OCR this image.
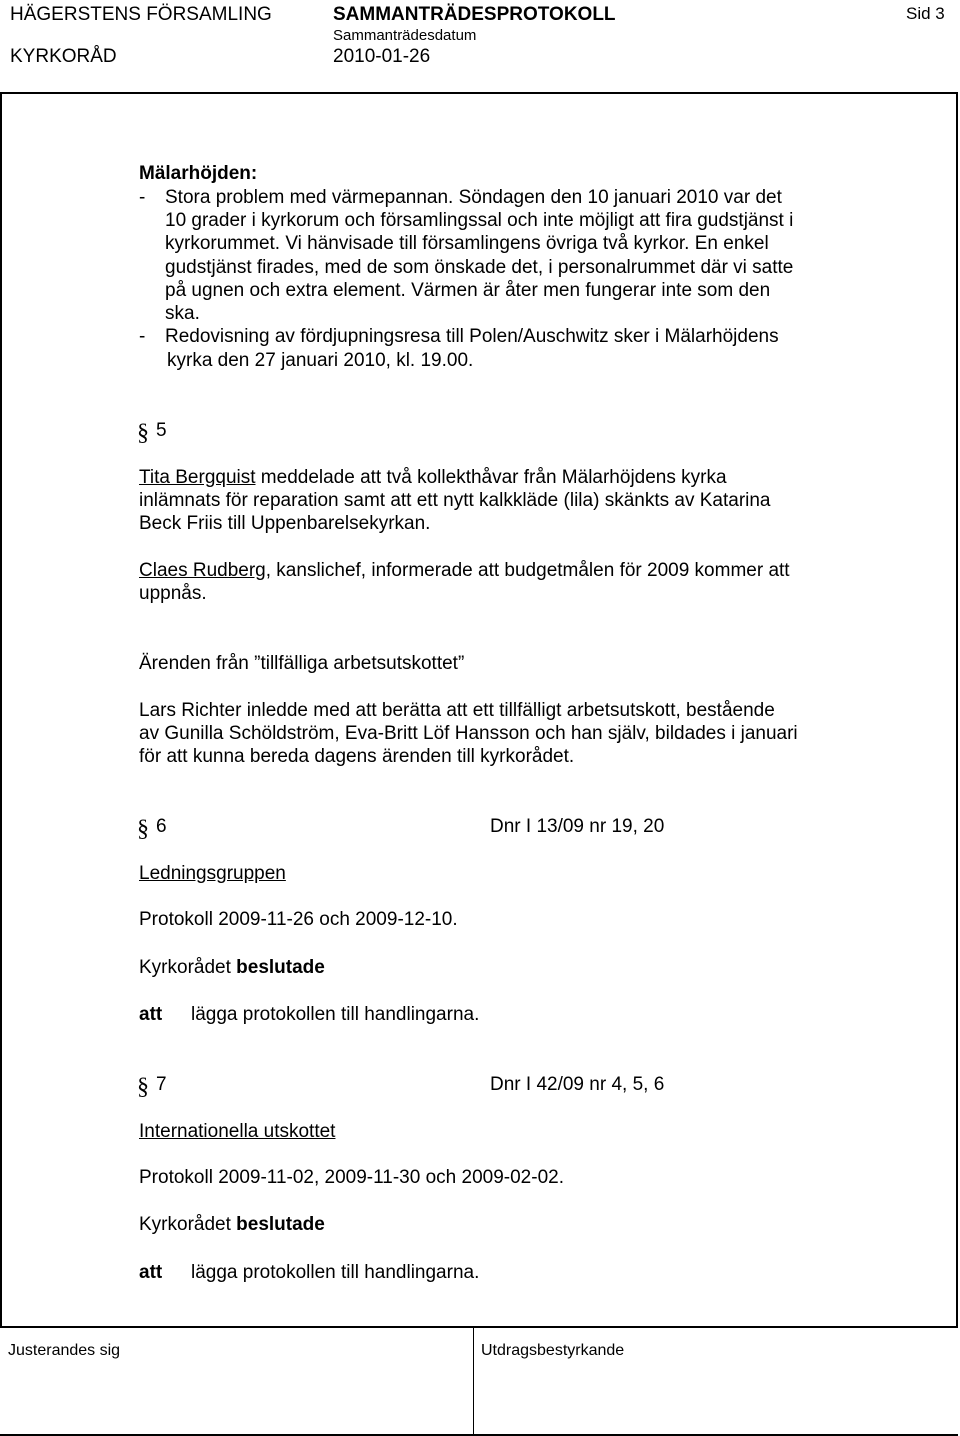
HÄGERSTENS FÖRSAMLING	SAMMANTRÄDESPROTOKOLL	Sid 3
Sammanträdesdatum
KYRKORÅD	2010-01-26
Mälarhöjden:
- Stora problem med värmepannan. Söndagen den 10 januari 2010 var det
10 grader i kyrkorum och församlingssal och inte möjligt att fira gudstjänst i
kyrkorummet. Vi hänvisade till församlingens övriga två kyrkor. En enkel
gudstjänst firades, med de som önskade det, i personalrummet där vi satte
på ugnen och extra element. Värmen är åter men fungerar inte som den
ska.
- Redovisning av fördjupningsresa till Polen/Auschwitz sker i Mälarhöjdens
kyrka den 27 januari 2010, kl. 19.00.
§ 5
Tita Bergquist meddelade att två kollekthåvar från Mälarhöjdens kyrka
inlämnats för reparation samt att ett nytt kalkkläde (lila) skänkts av Katarina
Beck Friis till Uppenbarelsekyrkan.
Claes Rudberg, kanslichef, informerade att budgetmålen för 2009 kommer att
uppnås.
Ärenden från ”tillfälliga arbetsutskottet”
Lars Richter inledde med att berätta att ett tillfälligt arbetsutskott, bestående
av Gunilla Schöldström, Eva-Britt Löf Hansson och han själv, bildades i januari
för att kunna bereda dagens ärenden till kyrkorådet.
§ 6	Dnr I 13/09 nr 19, 20
Ledningsgruppen
Protokoll 2009-11-26 och 2009-12-10.
Kyrkorådet beslutade
att lägga protokollen till handlingarna.
§ 7	Dnr I 42/09 nr 4, 5, 6
Internationella utskottet
Protokoll 2009-11-02, 2009-11-30 och 2009-02-02.
Kyrkorådet beslutade
att lägga protokollen till handlingarna.
Justerandes sig	Utdragsbestyrkande
